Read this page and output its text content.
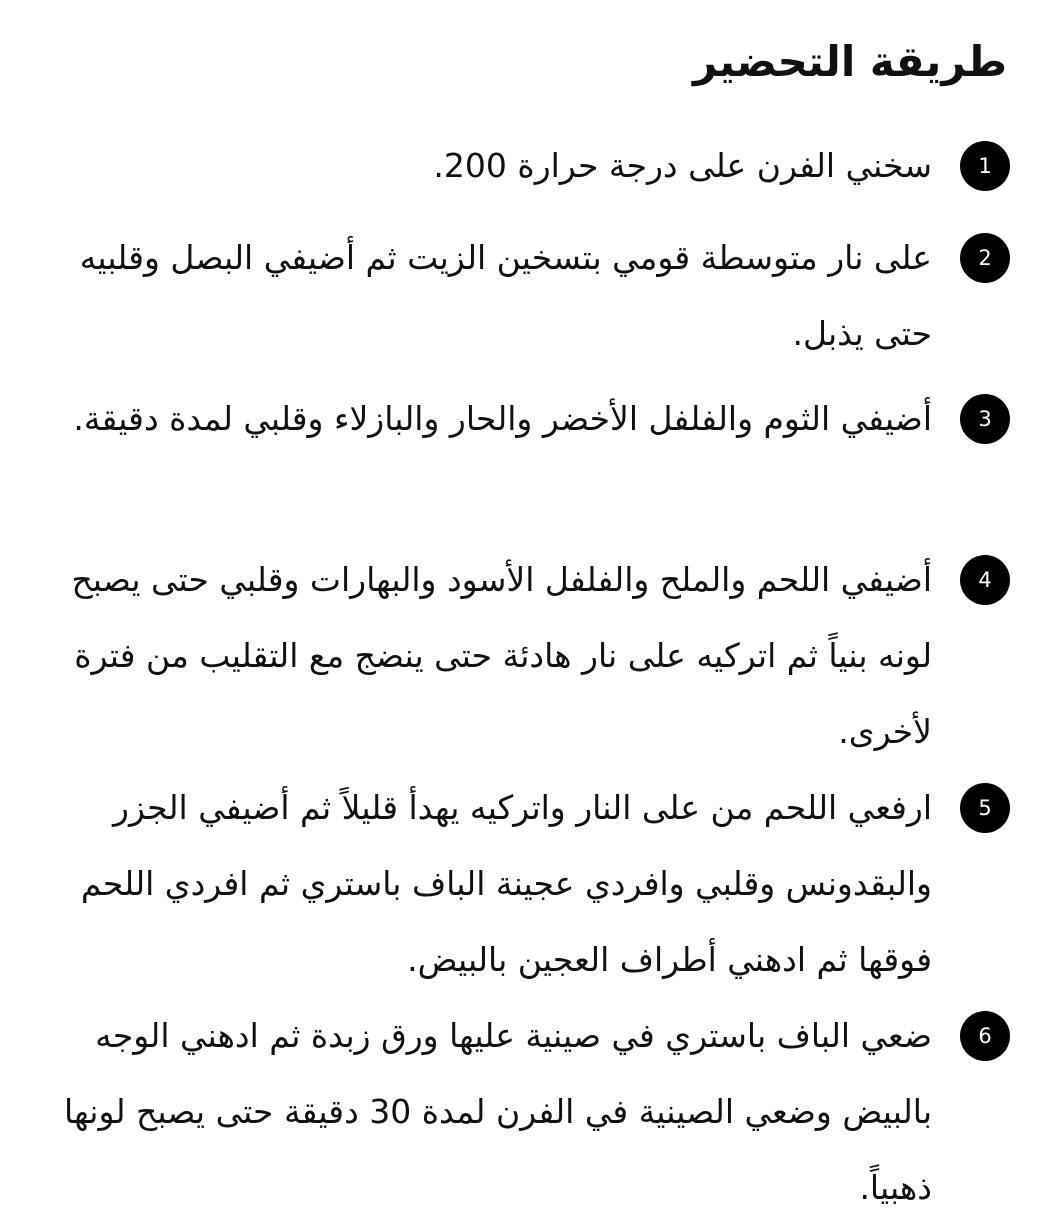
طريقة التحضير
1
سخني الفرن على درجة حرارة 200.
2
على نار متوسطة قومي بتسخين الزيت ثم أضيفي البصل وقلبيه حتى يذبل.
3
أضيفي الثوم والفلفل الأخضر والحار والبازلاء وقلبي لمدة دقيقة.
4
أضيفي اللحم والملح والفلفل الأسود والبهارات وقلبي حتى يصبح لونه بنياً ثم اتركيه على نار هادئة حتى ينضج مع التقليب من فترة لأخرى.
5
ارفعي اللحم من على النار واتركيه يهدأ قليلاً ثم أضيفي الجزر والبقدونس وقلبي وافردي عجينة الباف باستري ثم افردي اللحم فوقها ثم ادهني أطراف العجين بالبيض.
6
ضعي الباف باستري في صينية عليها ورق زبدة ثم ادهني الوجه بالبيض وضعي الصينية في الفرن لمدة 30 دقيقة حتى يصبح لونها ذهبياً.
